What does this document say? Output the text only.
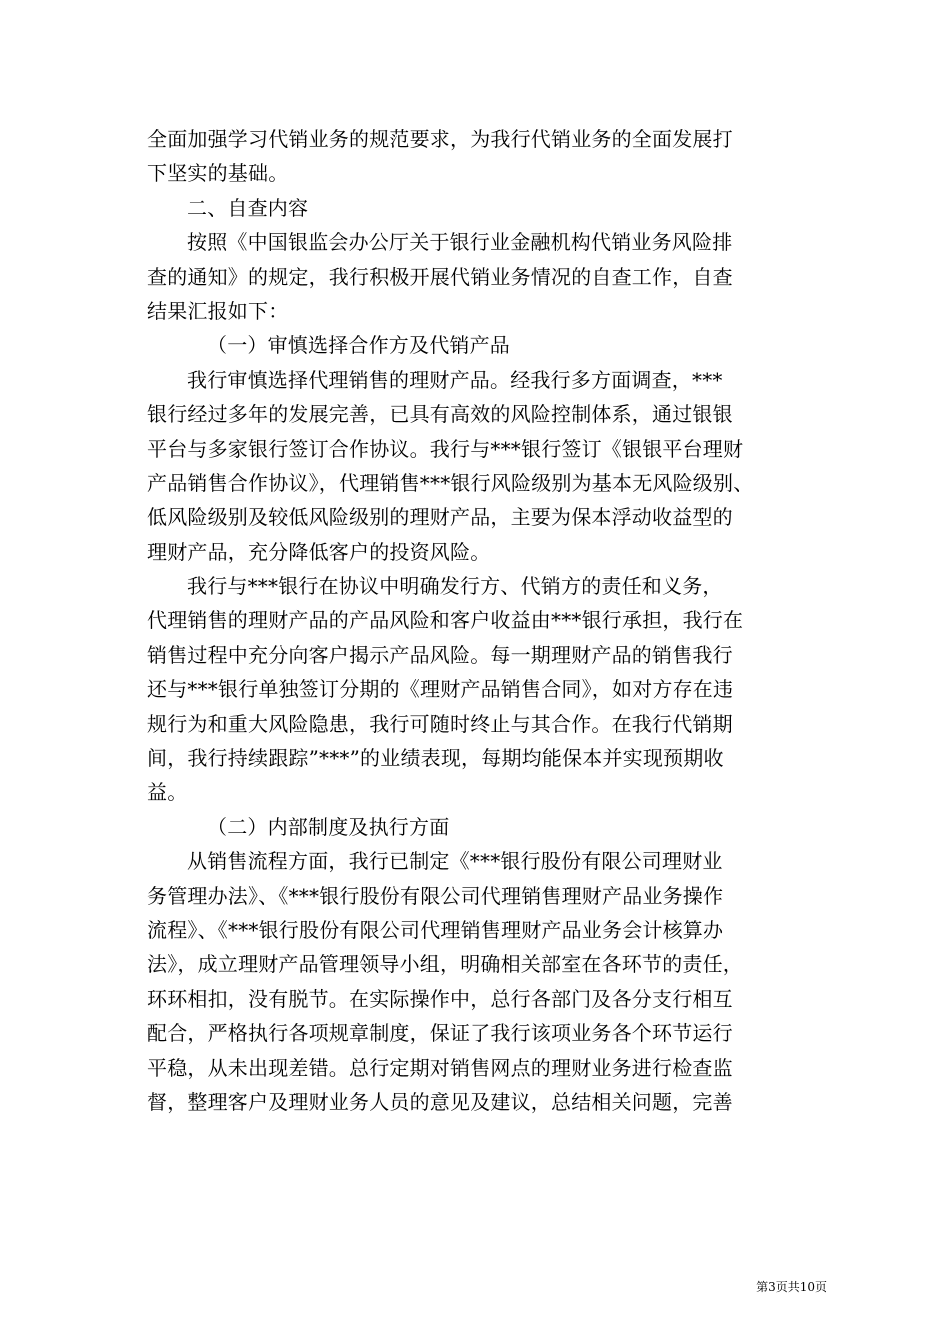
全面加强学习代销业务的规范要求，为我行代销业务的全面发展打
下坚实的基础。
二、自查内容
按照《中国银监会办公厅关于银行业金融机构代销业务风险排
查的通知》的规定，我行积极开展代销业务情况的自查工作，自查
结果汇报如下：
（一）审慎选择合作方及代销产品
我行审慎选择代理销售的理财产品。经我行多方面调查，***
银行经过多年的发展完善，已具有高效的风险控制体系，通过银银
平台与多家银行签订合作协议。我行与***银行签订《银银平台理财
产品销售合作协议》，代理销售***银行风险级别为基本无风险级别、
低风险级别及较低风险级别的理财产品，主要为保本浮动收益型的
理财产品，充分降低客户的投资风险。
我行与***银行在协议中明确发行方、代销方的责任和义务，
代理销售的理财产品的产品风险和客户收益由***银行承担，我行在
销售过程中充分向客户揭示产品风险。每一期理财产品的销售我行
还与***银行单独签订分期的《理财产品销售合同》，如对方存在违
规行为和重大风险隐患，我行可随时终止与其合作。在我行代销期
间，我行持续跟踪”***”的业绩表现，每期均能保本并实现预期收
益。
（二）内部制度及执行方面
从销售流程方面，我行已制定《***银行股份有限公司理财业
务管理办法》、《***银行股份有限公司代理销售理财产品业务操作
流程》、《***银行股份有限公司代理销售理财产品业务会计核算办
法》，成立理财产品管理领导小组，明确相关部室在各环节的责任，
环环相扣，没有脱节。在实际操作中，总行各部门及各分支行相互
配合，严格执行各项规章制度，保证了我行该项业务各个环节运行
平稳，从未出现差错。总行定期对销售网点的理财业务进行检查监
督，整理客户及理财业务人员的意见及建议，总结相关问题，完善
第3页共10页
